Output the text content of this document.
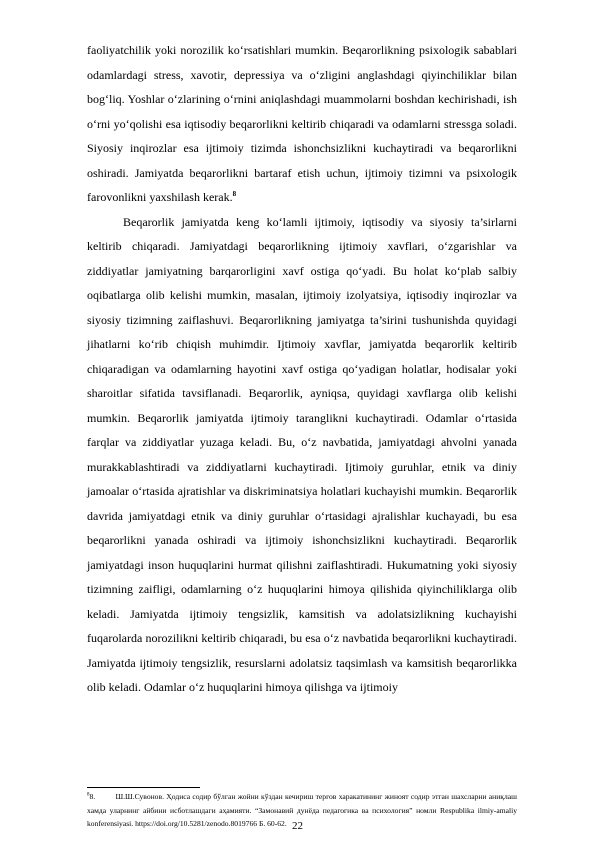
faoliyatchilik yoki norozilik ko‘rsatishlari mumkin. Beqarorlikning psixologik sabablari odamlardagi stress, xavotir, depressiya va o‘zligini anglashdagi qiyinchiliklar bilan bog‘liq. Yoshlar o‘zlarining o‘rnini aniqlashdagi muammolarni boshdan kechirishadi, ish o‘rni yo‘qolishi esa iqtisodiy beqarorlikni keltirib chiqaradi va odamlarni stressga soladi. Siyosiy inqirozlar esa ijtimoiy tizimda ishonchsizlikni kuchaytiradi va beqarorlikni oshiradi. Jamiyatda beqarorlikni bartaraf etish uchun, ijtimoiy tizimni va psixologik farovonlikni yaxshilash kerak.$^8$

Beqarorlik jamiyatda keng ko‘lamli ijtimoiy, iqtisodiy va siyosiy ta’sirlarni keltirib chiqaradi. Jamiyatdagi beqarorlikning ijtimoiy xavflari, o‘zgarishlar va ziddiyatlar jamiyatning barqarorligini xavf ostiga qo‘yadi. Bu holat ko‘plab salbiy oqibatlarga olib kelishi mumkin, masalan, ijtimoiy izolyatsiya, iqtisodiy inqirozlar va siyosiy tizimning zaiflashuvi. Beqarorlikning jamiyatga ta’sirini tushunishda quyidagi jihatlarni ko‘rib chiqish muhimdir. Ijtimoiy xavflar, jamiyatda beqarorlik keltirib chiqaradigan va odamlarning hayotini xavf ostiga qo‘yadigan holatlar, hodisalar yoki sharoitlar sifatida tavsiflanadi. Beqarorlik, ayniqsa, quyidagi xavflarga olib kelishi mumkin. Beqarorlik jamiyatda ijtimoiy taranglikni kuchaytiradi. Odamlar o‘rtasida farqlar va ziddiyatlar yuzaga keladi. Bu, o‘z navbatida, jamiyatdagi ahvolni yanada murakkablashtiradi va ziddiyatlarni kuchaytiradi. Ijtimoiy guruhlar, etnik va diniy jamoalar o‘rtasida ajratishlar va diskriminatsiya holatlari kuchayishi mumkin. Beqarorlik davrida jamiyatdagi etnik va diniy guruhlar o‘rtasidagi ajralishlar kuchayadi, bu esa beqarorlikni yanada oshiradi va ijtimoiy ishonchsizlikni kuchaytiradi. Beqarorlik jamiyatdagi inson huquqlarini hurmat qilishni zaiflashtiradi. Hukumatning yoki siyosiy tizimning zaifligi, odamlarning o‘z huquqlarini himoya qilishida qiyinchiliklarga olib keladi. Jamiyatda ijtimoiy tengsizlik, kamsitish va adolatsizlikning kuchayishi fuqarolarda norozilikni keltirib chiqaradi, bu esa o‘z navbatida beqarorlikni kuchaytiradi. Jamiyatda ijtimoiy tengsizlik, resurslarni adolatsiz taqsimlash va kamsitish beqarorlikka olib keladi. Odamlar o‘z huquqlarini himoya qilishga va ijtimoiy

$^8$8.	Ш.Ш.Сувонов. Ҳодиса содир бўлган жойни кўздан кечириш тергов харакатининг жиноят содир этган шахсларни аниқлаш хамда уларнинг айбини исботлашдаги аҳамияти. “Замонавий дунёда педагогика ва психология” номли Respublika ilmiy-amaliy konferensiyasi. https://doi.org/10.5281/zenodo.8019766 Б. 60-62. 22
